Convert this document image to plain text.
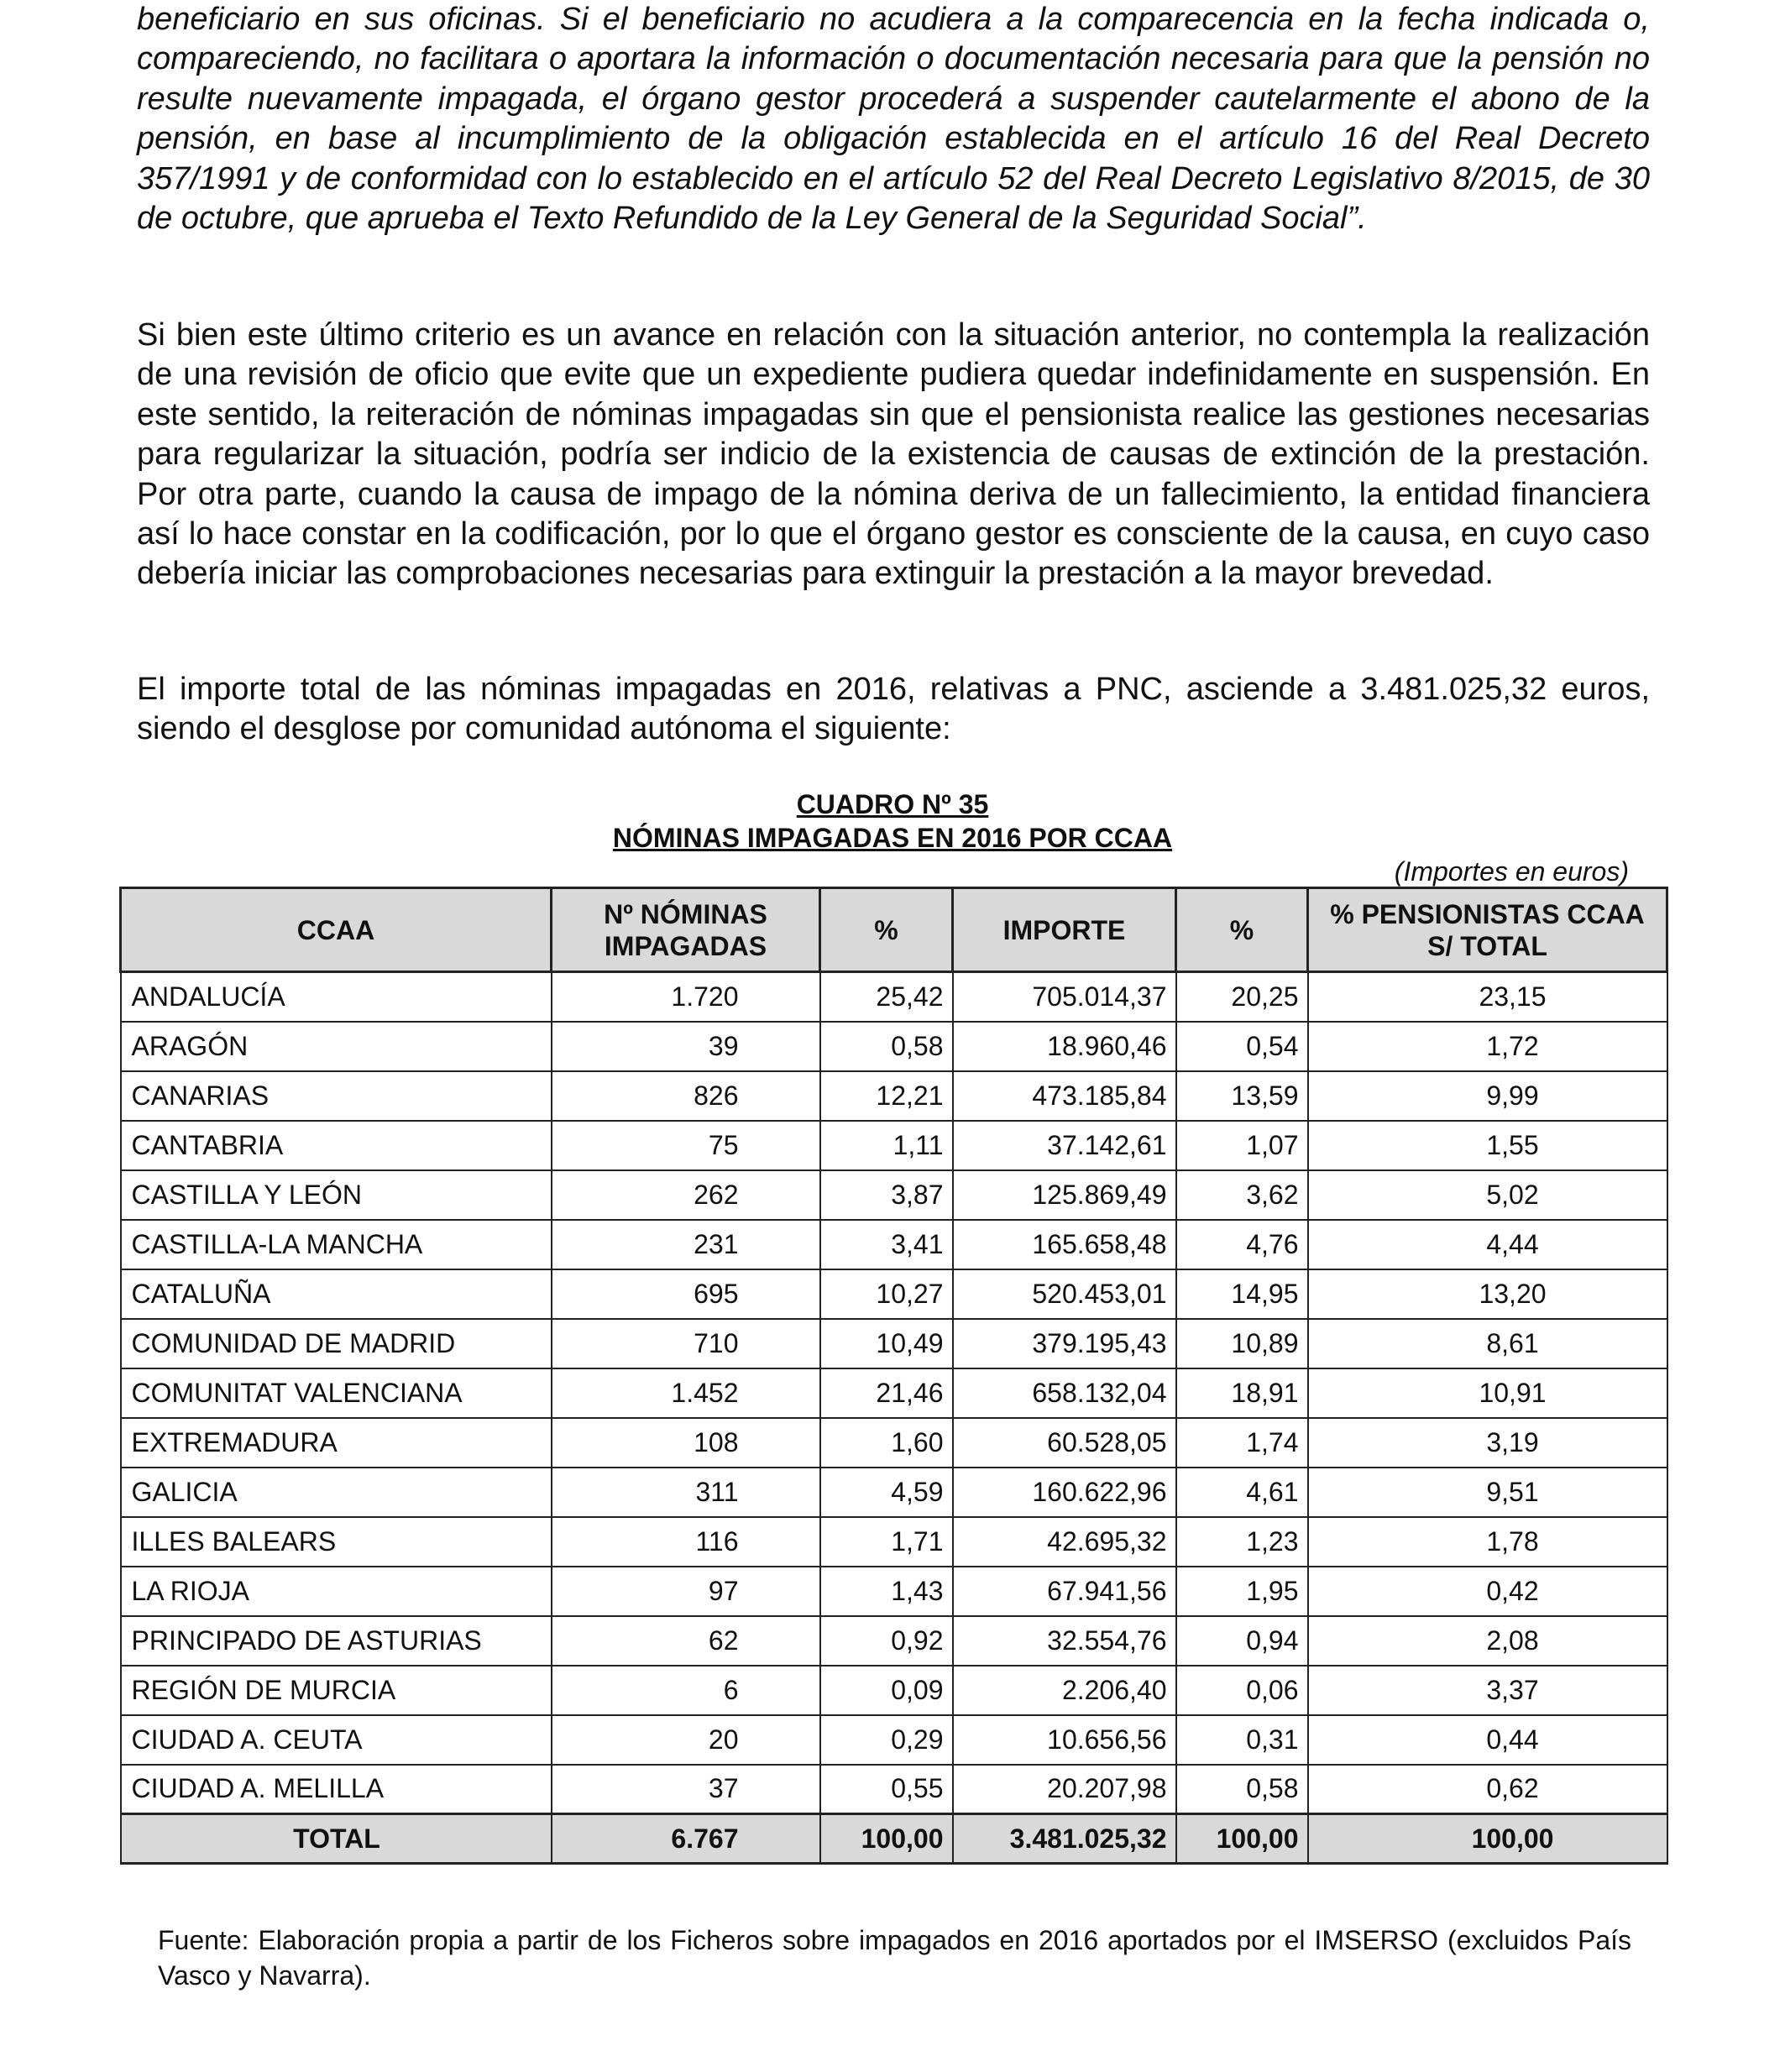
beneficiario en sus oficinas. Si el beneficiario no acudiera a la comparecencia en la fecha indicada o, compareciendo, no facilitara o aportara la información o documentación necesaria para que la pensión no resulte nuevamente impagada, el órgano gestor procederá a suspender cautelarmente el abono de la pensión, en base al incumplimiento de la obligación establecida en el artículo 16 del Real Decreto 357/1991 y de conformidad con lo establecido en el artículo 52 del Real Decreto Legislativo 8/2015, de 30 de octubre, que aprueba el Texto Refundido de la Ley General de la Seguridad Social”.

Si bien este último criterio es un avance en relación con la situación anterior, no contempla la realización de una revisión de oficio que evite que un expediente pudiera quedar indefinidamente en suspensión. En este sentido, la reiteración de nóminas impagadas sin que el pensionista realice las gestiones necesarias para regularizar la situación, podría ser indicio de la existencia de causas de extinción de la prestación. Por otra parte, cuando la causa de impago de la nómina deriva de un fallecimiento, la entidad financiera así lo hace constar en la codificación, por lo que el órgano gestor es consciente de la causa, en cuyo caso debería iniciar las comprobaciones necesarias para extinguir la prestación a la mayor brevedad.

El importe total de las nóminas impagadas en 2016, relativas a PNC, asciende a 3.481.025,32 euros, siendo el desglose por comunidad autónoma el siguiente:

CUADRO Nº 35

NÓMINAS IMPAGADAS EN 2016 POR CCAA

(Importes en euros)
CCAA	Nº NÓMINAS IMPAGADAS	%	IMPORTE	%	% PENSIONISTAS CCAA S/ TOTAL
ANDALUCÍA	1.720	25,42	705.014,37	20,25	23,15
ARAGÓN	39	0,58	18.960,46	0,54	1,72
CANARIAS	826	12,21	473.185,84	13,59	9,99
CANTABRIA	75	1,11	37.142,61	1,07	1,55
CASTILLA Y LEÓN	262	3,87	125.869,49	3,62	5,02
CASTILLA-LA MANCHA	231	3,41	165.658,48	4,76	4,44
CATALUÑA	695	10,27	520.453,01	14,95	13,20
COMUNIDAD DE MADRID	710	10,49	379.195,43	10,89	8,61
COMUNITAT VALENCIANA	1.452	21,46	658.132,04	18,91	10,91
EXTREMADURA	108	1,60	60.528,05	1,74	3,19
GALICIA	311	4,59	160.622,96	4,61	9,51
ILLES BALEARS	116	1,71	42.695,32	1,23	1,78
LA RIOJA	97	1,43	67.941,56	1,95	0,42
PRINCIPADO DE ASTURIAS	62	0,92	32.554,76	0,94	2,08
REGIÓN DE MURCIA	6	0,09	2.206,40	0,06	3,37
CIUDAD A. CEUTA	20	0,29	10.656,56	0,31	0,44
CIUDAD A. MELILLA	37	0,55	20.207,98	0,58	0,62
TOTAL	6.767	100,00	3.481.025,32	100,00	100,00

Fuente: Elaboración propia a partir de los Ficheros sobre impagados en 2016 aportados por el IMSERSO (excluidos País Vasco y Navarra).
